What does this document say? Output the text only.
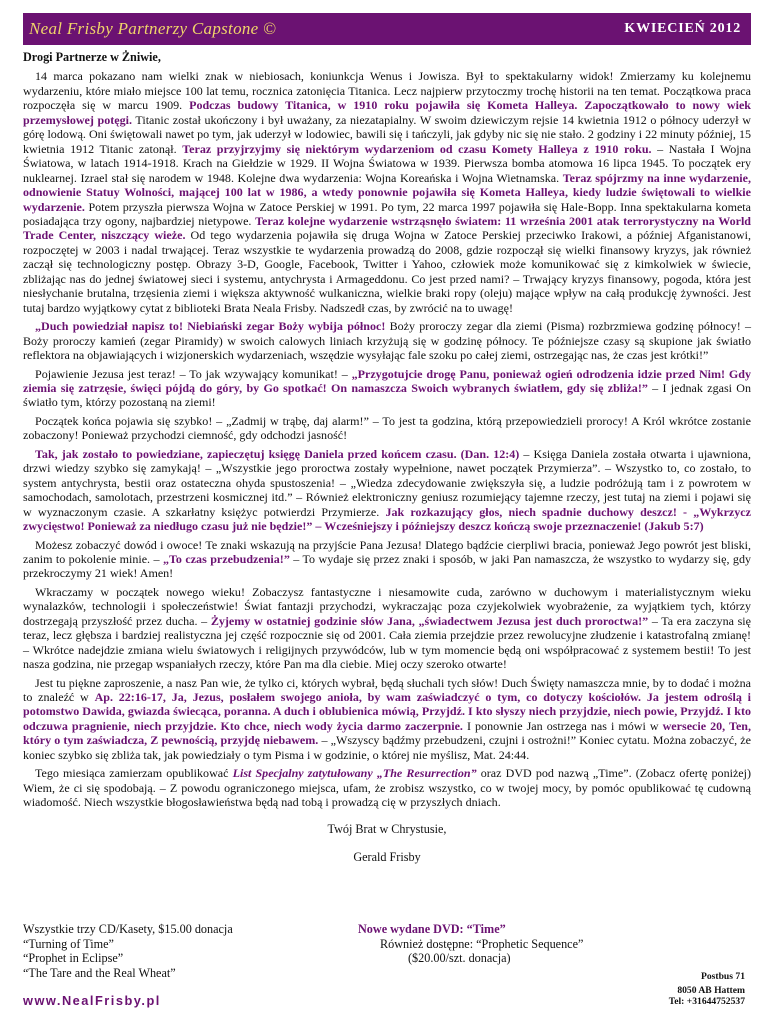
Neal Frisby Partnerzy Capstone ©	KWIECIEŃ 2012
Drogi Partnerze w Żniwie,

14 marca pokazano nam wielki znak w niebiosach, koniunkcja Wenus i Jowisza. Był to spektakularny widok! Zmierzamy ku kolejnemu wydarzeniu, które miało miejsce 100 lat temu, rocznica zatonięcia Titanica. Lecz najpierw przytoczmy trochę historii na ten temat. Początkowa praca rozpoczęła się w marcu 1909. Podczas budowy Titanica, w 1910 roku pojawiła się Kometa Halleya. Zapoczątkowało to nowy wiek przemysłowej potęgi. Titanic został ukończony i był uważany, za niezatapialny. W swoim dziewiczym rejsie 14 kwietnia 1912 o północy uderzył w górę lodową. Oni świętowali nawet po tym, jak uderzył w lodowiec, bawili się i tańczyli, jak gdyby nic się nie stało. 2 godziny i 22 minuty później, 15 kwietnia 1912 Titanic zatonął. Teraz przyjrzyjmy się niektórym wydarzeniom od czasu Komety Halleya z 1910 roku. – Nastała I Wojna Światowa, w latach 1914-1918. Krach na Giełdzie w 1929. II Wojna Światowa w 1939. Pierwsza bomba atomowa 16 lipca 1945. To początek ery nuklearnej. Izrael stał się narodem w 1948. Kolejne dwa wydarzenia: Wojna Koreańska i Wojna Wietnamska. Teraz spójrzmy na inne wydarzenie, odnowienie Statuy Wolności, mającej 100 lat w 1986, a wtedy ponownie pojawiła się Kometa Halleya, kiedy ludzie świętowali to wielkie wydarzenie. Potem przyszła pierwsza Wojna w Zatoce Perskiej w 1991. Po tym, 22 marca 1997 pojawiła się Hale-Bopp. Inna spektakularna kometa posiadająca trzy ogony, najbardziej nietypowe. Teraz kolejne wydarzenie wstrząsnęło światem: 11 września 2001 atak terrorystyczny na World Trade Center, niszczący wieże. Od tego wydarzenia pojawiła się druga Wojna w Zatoce Perskiej przeciwko Irakowi, a później Afganistanowi, rozpoczętej w 2003 i nadal trwającej. Teraz wszystkie te wydarzenia prowadzą do 2008, gdzie rozpoczął się wielki finansowy kryzys, jak również zaczął się technologiczny postęp. Obrazy 3-D, Google, Facebook, Twitter i Yahoo, człowiek może komunikować się z kimkolwiek w świecie, zbliżając nas do jednej światowej sieci i systemu, antychrysta i Armageddonu. Co jest przed nami? – Trwający kryzys finansowy, pogoda, która jest niesłychanie brutalna, trzęsienia ziemi i większa aktywność wulkaniczna, wielkie braki ropy (oleju) mające wpływ na całą produkcję żywności. Jest tutaj bardzo wyjątkowy cytat z biblioteki Brata Neala Frisby. Nadszedł czas, by zwrócić na to uwagę!

„Duch powiedział napisz to! Niebiański zegar Boży wybija północ! Boży proroczy zegar dla ziemi (Pisma) rozbrzmiewa godzinę północy! – Boży proroczy kamień (zegar Piramidy) w swoich calowych liniach krzyżują się w godzinę północy. Te późniejsze czasy są skupione jak światło reflektora na objawiających i wizjonerskich wydarzeniach, wszędzie wysyłając fale szoku po całej ziemi, ostrzegając nas, że czas jest krótki!”

Pojawienie Jezusa jest teraz! – To jak wzywający komunikat! – „Przygotujcie drogę Panu, ponieważ ogień odrodzenia idzie przed Nim! Gdy ziemia się zatrzęsie, święci pójdą do góry, by Go spotkać! On namaszcza Swoich wybranych światłem, gdy się zbliża!” – I jednak zgasi On światło tym, którzy pozostaną na ziemi!

Początek końca pojawia się szybko! – „Zadmij w trąbę, daj alarm!” – To jest ta godzina, którą przepowiedzieli prorocy! A Król wkrótce zostanie zobaczony! Ponieważ przychodzi ciemność, gdy odchodzi jasność!

Tak, jak zostało to powiedziane, zapieczętuj księgę Daniela przed końcem czasu. (Dan. 12:4) – Księga Daniela została otwarta i ujawniona, drzwi wiedzy szybko się zamykają! – „Wszystkie jego proroctwa zostały wypełnione, nawet początek Przymierza”. – Wszystko to, co zostało, to system antychrysta, bestii oraz ostateczna ohyda spustoszenia! – „Wiedza zdecydowanie zwiększyła się, a ludzie podróżują tam i z powrotem w samochodach, samolotach, przestrzeni kosmicznej itd.” – Również elektroniczny geniusz rozumiejący tajemne rzeczy, jest tutaj na ziemi i pojawi się w wyznaczonym czasie. A szkarłatny księżyc potwierdzi Przymierze. Jak rozkazujący głos, niech spadnie duchowy deszcz! - „Wykrzycz zwycięstwo! Ponieważ za niedługo czasu już nie będzie!” – Wcześniejszy i późniejszy deszcz kończą swoje przeznaczenie! (Jakub 5:7)

Możesz zobaczyć dowód i owoce! Te znaki wskazują na przyjście Pana Jezusa! Dlatego bądźcie cierpliwi bracia, ponieważ Jego powrót jest bliski, zanim to pokolenie minie. – „To czas przebudzenia!” – To wydaje się przez znaki i sposób, w jaki Pan namaszcza, że wszystko to wydarzy się, gdy przekroczymy 21 wiek! Amen!

Wkraczamy w początek nowego wieku! Zobaczysz fantastyczne i niesamowite cuda, zarówno w duchowym i materialistycznym wieku wynalazków, technologii i społeczeństwie! Świat fantazji przychodzi, wykraczając poza czyjekolwiek wyobrażenie, za wyjątkiem tych, którzy dostrzegają przyszłość przez ducha. – Żyjemy w ostatniej godzinie słów Jana, „świadectwem Jezusa jest duch proroctwa!” – Ta era zaczyna się teraz, lecz głębsza i bardziej realistyczna jej część rozpocznie się od 2001. Cała ziemia przejdzie przez rewolucyjne złudzenie i katastrofalną zmianę! – Wkrótce nadejdzie zmiana wielu światowych i religijnych przywódców, lub w tym momencie będą oni współpracować z systemem bestii! To jest nasza godzina, nie przegap wspaniałych rzeczy, które Pan ma dla ciebie. Miej oczy szeroko otwarte!

Jest tu piękne zaproszenie, a nasz Pan wie, że tylko ci, których wybrał, będą słuchali tych słów! Duch Święty namaszcza mnie, by to dodać i można to znaleźć w Ap. 22:16-17, Ja, Jezus, posłałem swojego anioła, by wam zaświadczyć o tym, co dotyczy kościołów. Ja jestem odroślą i potomstwo Dawida, gwiazda świecąca, poranna. A duch i oblubienica mówią, Przyjdź. I kto słyszy niech przyjdzie, niech powie, Przyjdź. I kto odczuwa pragnienie, niech przyjdzie. Kto chce, niech wody życia darmo zaczerpnie. I ponownie Jan ostrzega nas i mówi w wersecie 20, Ten, który o tym zaświadcza, Z pewnością, przyjdę niebawem. – „Wszyscy bądźmy przebudzeni, czujni i ostrożni!” Koniec cytatu. Można zobaczyć, że koniec szybko się zbliża tak, jak powiedziały o tym Pisma i w godzinie, o której nie myślisz, Mat. 24:44.

Tego miesiąca zamierzam opublikować List Specjalny zatytułowany „The Resurrection” oraz DVD pod nazwą „Time”. (Zobacz ofertę poniżej) Wiem, że ci się spodobają. – Z powodu ograniczonego miejsca, ufam, że zrobisz wszystko, co w twojej mocy, by pomóc opublikować tę cudowną wiadomość. Niech wszystkie błogosławieństwa będą nad tobą i prowadzą cię w przyszłych dniach.

Twój Brat w Chrystusie,
Gerald Frisby
Wszystkie trzy CD/Kasety, $15.00 donacja
“Turning of Time”
“Prophet in Eclipse”
“The Tare and the Real Wheat”
Nowe wydane DVD: “Time”
Również dostępne: “Prophetic Sequence”
($20.00/szt. donacja)
Postbus 71
8050 AB Hattem
www.NealFrisby.pl	Tel: +31644752537
